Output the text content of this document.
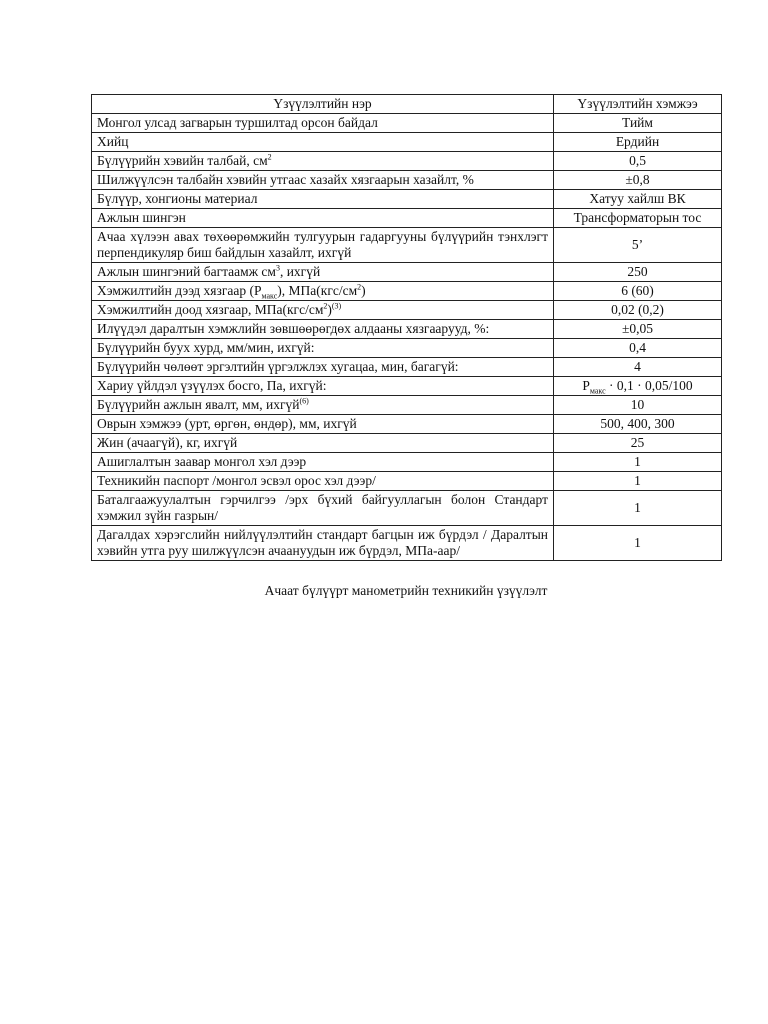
Үзүүлэлтийн нэр	Үзүүлэлтийн хэмжээ
Монгол улсад загварын туршилтад орсон байдал	Тийм
Хийц	Ердийн
Бүлүүрийн хэвийн талбай, $см^2$	0,5
Шилжүүлсэн талбайн хэвийн утгаас хазайх хязгаарын хазайлт, %	±0,8
Бүлүүр, хонгионы материал	Хатуу хайлш ВК
Ажлын шингэн	Трансформаторын тос
Ачаа хүлээн авах төхөөрөмжийн тулгуурын гадаргууны бүлүүрийн тэнхлэгт перпендикуляр биш байдлын хазайлт, ихгүй	5’
Ажлын шингэний багтаамж $см^3$, ихгүй	250
Хэмжилтийн дээд хязгаар $(P_{макс})$, $МПа(кгс/см^2)$	6 (60)
Хэмжилтийн доод хязгаар, $МПа(кгс/см^2)^{(3)}$	0,02 (0,2)
Илүүдэл даралтын хэмжлийн зөвшөөрөгдөх алдааны хязгаарууд, %:	±0,05
Бүлүүрийн буух хурд, мм/мин, ихгүй:	0,4
Бүлүүрийн чөлөөт эргэлтийн үргэлжлэх хугацаа, мин, багагүй:	4
Хариу үйлдэл үзүүлэх босго, Па, ихгүй:	$P_{макс} \cdot 0,1 \cdot 0,05/100$
Бүлүүрийн ажлын явалт, мм, ихгүй$^{(6)}$	10
Оврын хэмжээ (урт, өргөн, өндөр), мм, ихгүй	500, 400, 300
Жин (ачаагүй), кг, ихгүй	25
Ашиглалтын заавар монгол хэл дээр	1
Техникийн паспорт /монгол эсвэл орос хэл дээр/	1
Баталгаажуулалтын гэрчилгээ /эрх бүхий байгууллагын болон Стандарт хэмжил зүйн газрын/	1
Дагалдах хэрэгслийн нийлүүлэлтийн стандарт багцын иж бүрдэл / Даралтын хэвийн утга руу шилжүүлсэн ачаануудын иж бүрдэл, МПа-аар/	1
Ачаат бүлүүрт манометрийн техникийн үзүүлэлт
